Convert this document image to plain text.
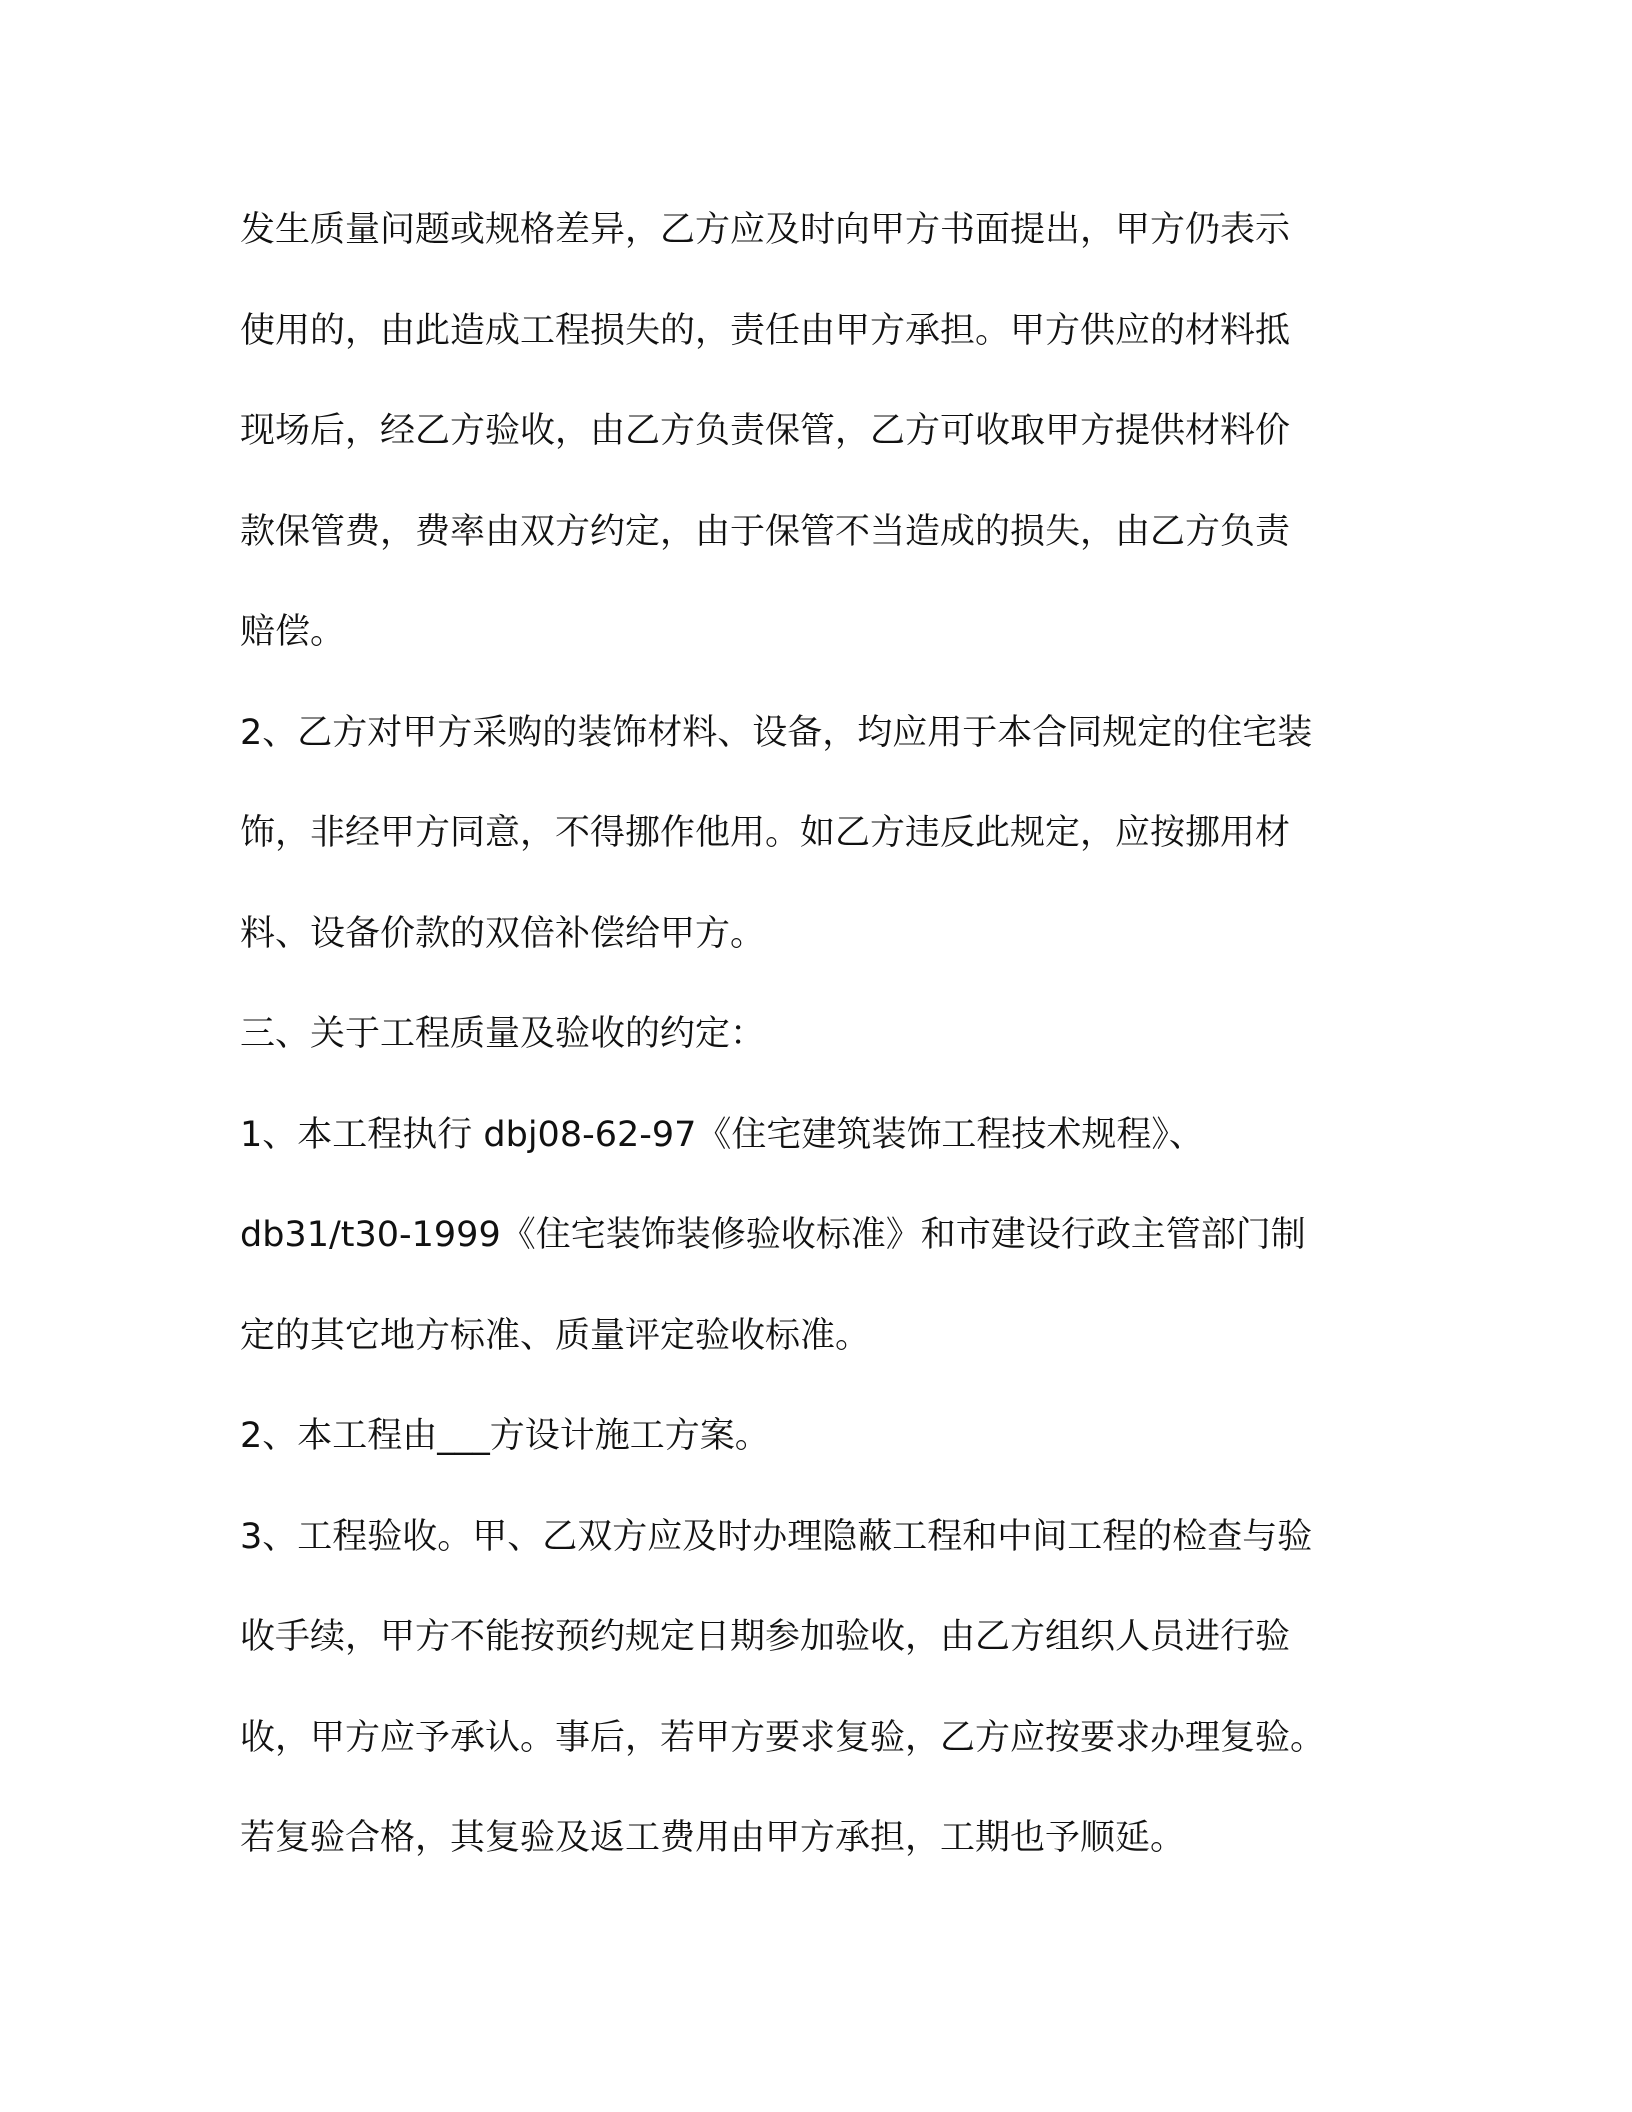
发生质量问题或规格差异，乙方应及时向甲方书面提出，甲方仍表示
使用的，由此造成工程损失的，责任由甲方承担。甲方供应的材料抵
现场后，经乙方验收，由乙方负责保管，乙方可收取甲方提供材料价
款保管费，费率由双方约定，由于保管不当造成的损失，由乙方负责
赔偿。
2、乙方对甲方采购的装饰材料、设备，均应用于本合同规定的住宅装
饰，非经甲方同意，不得挪作他用。如乙方违反此规定，应按挪用材
料、设备价款的双倍补偿给甲方。
三、关于工程质量及验收的约定：
1、本工程执行 dbj08-62-97《住宅建筑装饰工程技术规程》、
db31/t30-1999《住宅装饰装修验收标准》和市建设行政主管部门制
定的其它地方标准、质量评定验收标准。
2、本工程由___方设计施工方案。
3、工程验收。甲、乙双方应及时办理隐蔽工程和中间工程的检查与验
收手续，甲方不能按预约规定日期参加验收，由乙方组织人员进行验
收，甲方应予承认。事后，若甲方要求复验，乙方应按要求办理复验。
若复验合格，其复验及返工费用由甲方承担，工期也予顺延。
